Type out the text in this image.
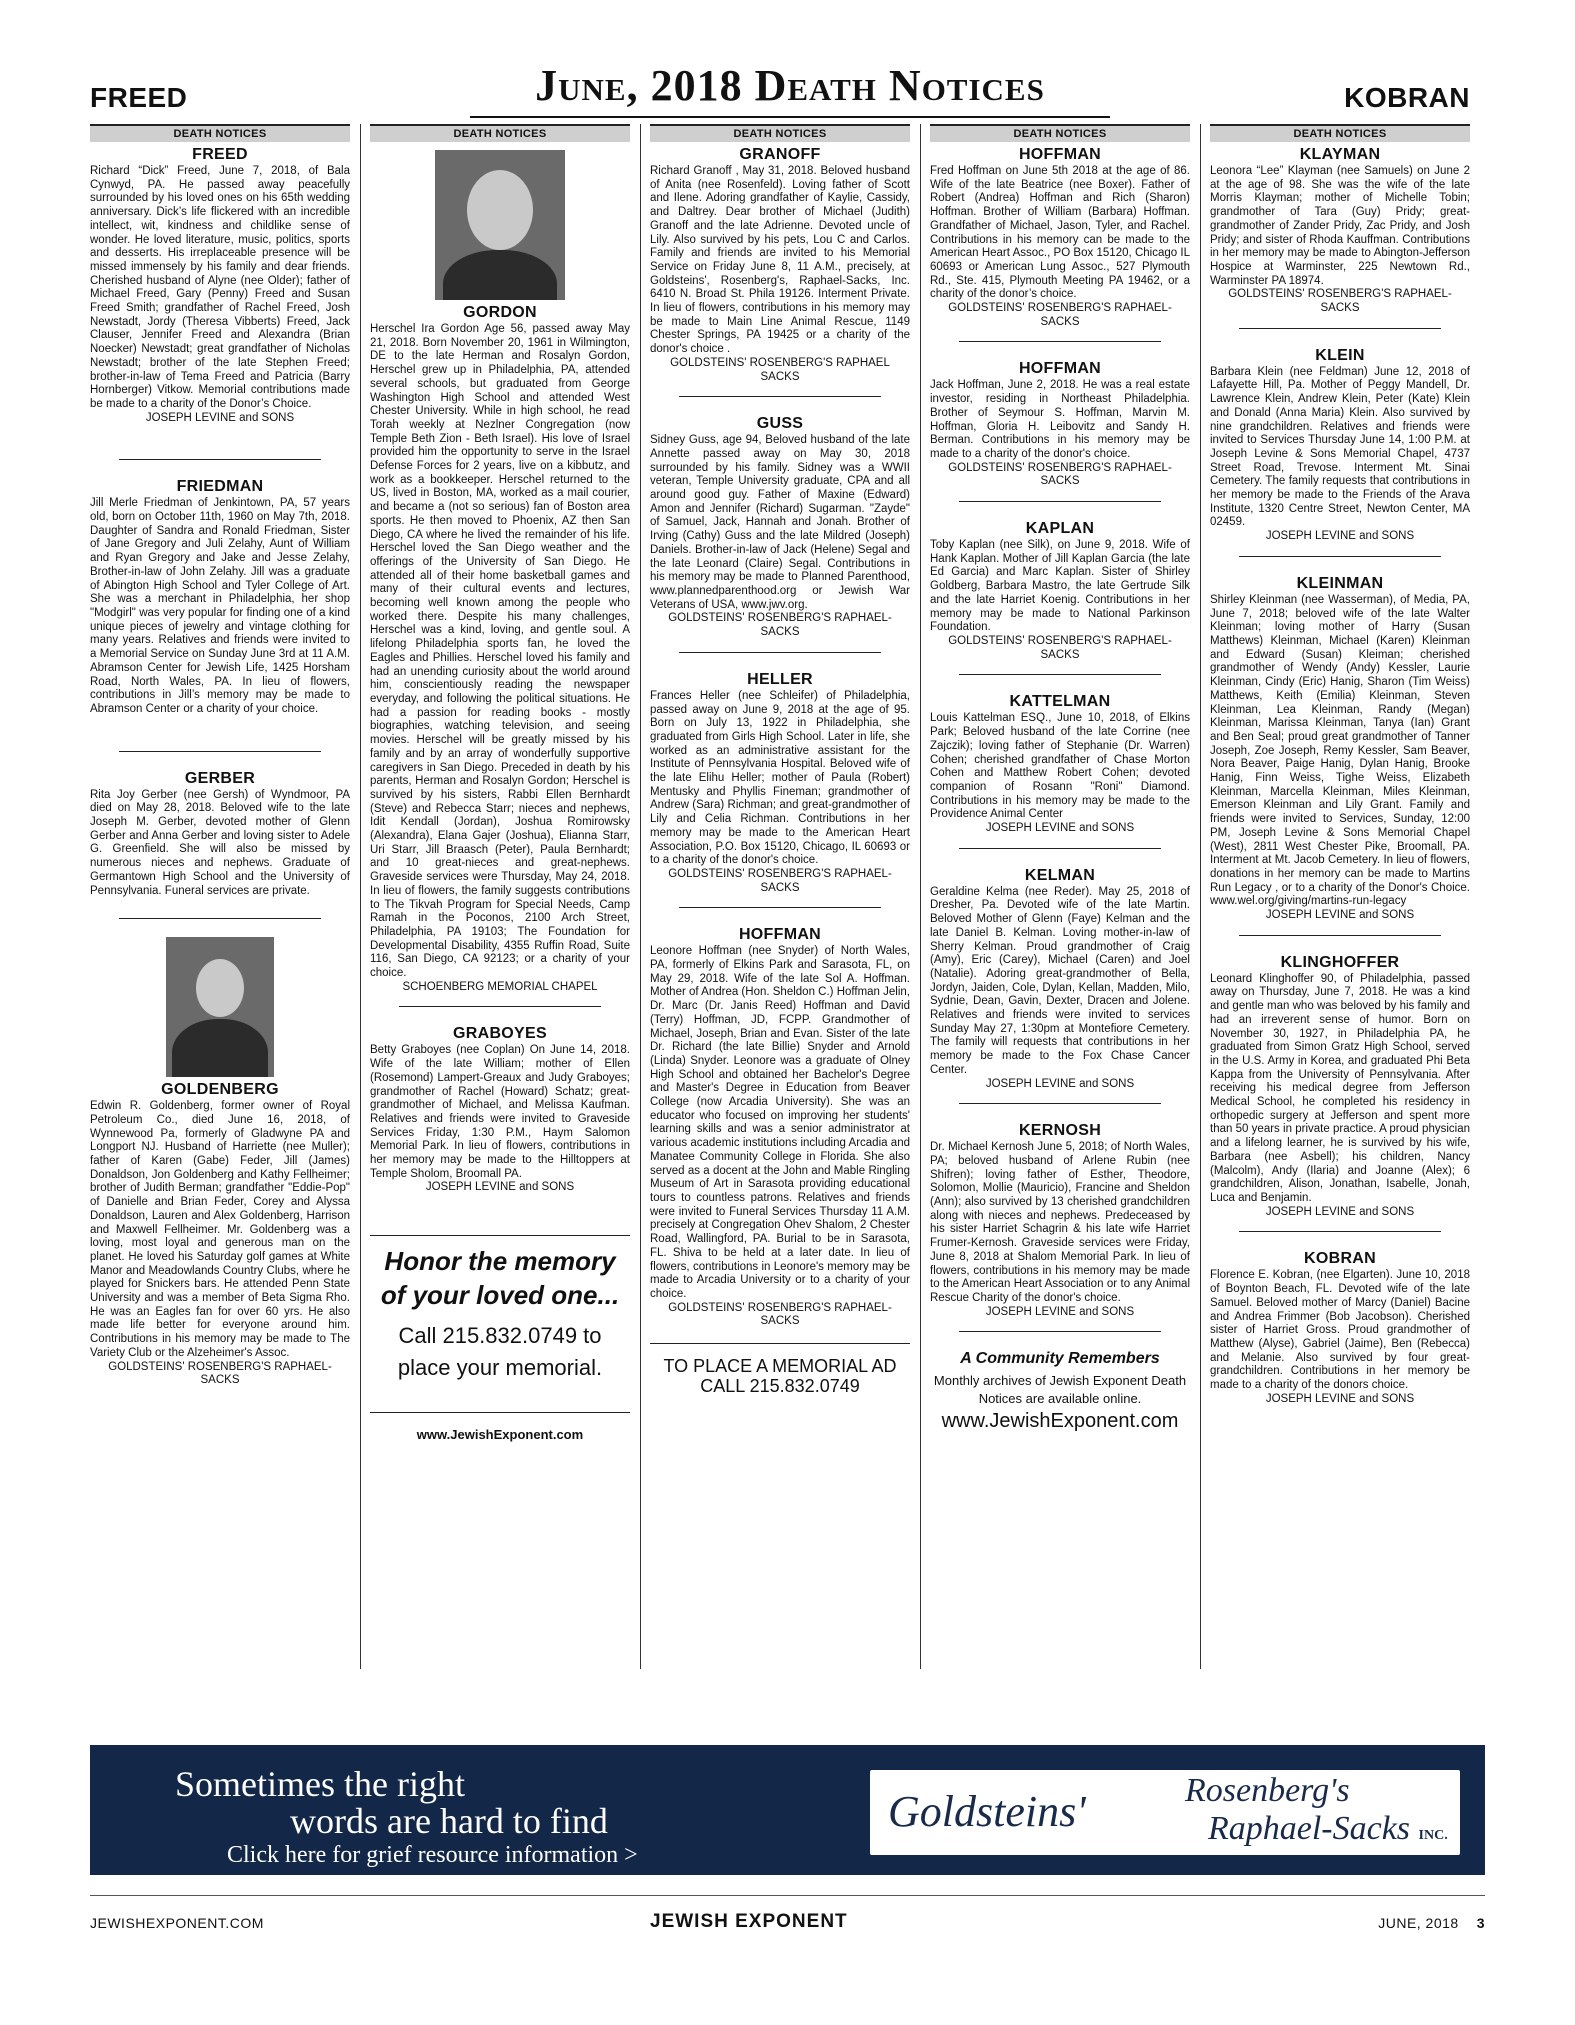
FREED	June, 2018 Death Notices	KOBRAN
DEATH NOTICES
FREED
Richard “Dick” Freed, June 7, 2018, of Bala Cynwyd, PA. He passed away peacefully surrounded by his loved ones on his 65th wedding anniversary. Dick’s life flickered with an incredible intellect, wit, kindness and childlike sense of wonder. He loved literature, music, politics, sports and desserts. His irreplaceable presence will be missed immensely by his family and dear friends. Cherished husband of Alyne (nee Older); father of Michael Freed, Gary (Penny) Freed and Susan Freed Smith; grandfather of Rachel Freed, Josh Newstadt, Jordy (Theresa Vibberts) Freed, Jack Clauser, Jennifer Freed and Alexandra (Brian Noecker) Newstadt; great grandfather of Nicholas Newstadt; brother of the late Stephen Freed; brother-in-law of Tema Freed and Patricia (Barry Hornberger) Vitkow. Memorial contributions made be made to a charity of the Donor’s Choice.
JOSEPH LEVINE and SONS
FRIEDMAN
Jill Merle Friedman of Jenkintown, PA, 57 years old, born on October 11th, 1960 on May 7th, 2018. Daughter of Sandra and Ronald Friedman, Sister of Jane Gregory and Juli Zelahy, Aunt of William and Ryan Gregory and Jake and Jesse Zelahy, Brother-in-law of John Zelahy. Jill was a graduate of Abington High School and Tyler College of Art. She was a merchant in Philadelphia, her shop "Modgirl" was very popular for finding one of a kind unique pieces of jewelry and vintage clothing for many years. Relatives and friends were invited to a Memorial Service on Sunday June 3rd at 11 A.M. Abramson Center for Jewish Life, 1425 Horsham Road, North Wales, PA. In lieu of flowers, contributions in Jill’s memory may be made to Abramson Center or a charity of your choice.
GERBER
Rita Joy Gerber (nee Gersh) of Wyndmoor, PA died on May 28, 2018. Beloved wife to the late Joseph M. Gerber, devoted mother of Glenn Gerber and Anna Gerber and loving sister to Adele G. Greenfield. She will also be missed by numerous nieces and nephews. Graduate of Germantown High School and the University of Pennsylvania. Funeral services are private.
GOLDENBERG
Edwin R. Goldenberg, former owner of Royal Petroleum Co., died June 16, 2018, of Wynnewood Pa, formerly of Gladwyne PA and Longport NJ. Husband of Harriette (nee Muller); father of Karen (Gabe) Feder, Jill (James) Donaldson, Jon Goldenberg and Kathy Fellheimer; brother of Judith Berman; grandfather "Eddie-Pop" of Danielle and Brian Feder, Corey and Alyssa Donaldson, Lauren and Alex Goldenberg, Harrison and Maxwell Fellheimer. Mr. Goldenberg was a loving, most loyal and generous man on the planet. He loved his Saturday golf games at White Manor and Meadowlands Country Clubs, where he played for Snickers bars. He attended Penn State University and was a member of Beta Sigma Rho. He was an Eagles fan for over 60 yrs. He also made life better for everyone around him. Contributions in his memory may be made to The Variety Club or the Alzeheimer's Assoc.
GOLDSTEINS' ROSENBERG'S RAPHAEL-SACKS
DEATH NOTICES
GORDON
Herschel Ira Gordon Age 56, passed away May 21, 2018. Born November 20, 1961 in Wilmington, DE to the late Herman and Rosalyn Gordon, Herschel grew up in Philadelphia, PA, attended several schools, but graduated from George Washington High School and attended West Chester University. While in high school, he read Torah weekly at Nezlner Congregation (now Temple Beth Zion - Beth Israel). His love of Israel provided him the opportunity to serve in the Israel Defense Forces for 2 years, live on a kibbutz, and work as a bookkeeper. Herschel returned to the US, lived in Boston, MA, worked as a mail courier, and became a (not so serious) fan of Boston area sports. He then moved to Phoenix, AZ then San Diego, CA where he lived the remainder of his life. Herschel loved the San Diego weather and the offerings of the University of San Diego. He attended all of their home basketball games and many of their cultural events and lectures, becoming well known among the people who worked there. Despite his many challenges, Herschel was a kind, loving, and gentle soul. A lifelong Philadelphia sports fan, he loved the Eagles and Phillies. Herschel loved his family and had an unending curiosity about the world around him, conscientiously reading the newspaper everyday, and following the political situations. He had a passion for reading books - mostly biographies, watching television, and seeing movies. Herschel will be greatly missed by his family and by an array of wonderfully supportive caregivers in San Diego. Preceded in death by his parents, Herman and Rosalyn Gordon; Herschel is survived by his sisters, Rabbi Ellen Bernhardt (Steve) and Rebecca Starr; nieces and nephews, Idit Kendall (Jordan), Joshua Romirowsky (Alexandra), Elana Gajer (Joshua), Elianna Starr, Uri Starr, Jill Braasch (Peter), Paula Bernhardt; and 10 great-nieces and great-nephews. Graveside services were Thursday, May 24, 2018. In lieu of flowers, the family suggests contributions to The Tikvah Program for Special Needs, Camp Ramah in the Poconos, 2100 Arch Street, Philadelphia, PA 19103; The Foundation for Developmental Disability, 4355 Ruffin Road, Suite 116, San Diego, CA 92123; or a charity of your choice.
SCHOENBERG MEMORIAL CHAPEL
GRABOYES
Betty Graboyes (nee Coplan) On June 14, 2018. Wife of the late William; mother of Ellen (Rosemond) Lampert-Greaux and Judy Graboyes; grandmother of Rachel (Howard) Schatz; great-grandmother of Michael, and Melissa Kaufman. Relatives and friends were invited to Graveside Services Friday, 1:30 P.M., Haym Salomon Memorial Park. In lieu of flowers, contributions in her memory may be made to the Hilltoppers at Temple Sholom, Broomall PA.
JOSEPH LEVINE and SONS
Honor the memory of your loved one...
Call 215.832.0749 to place your memorial.
www.JewishExponent.com
DEATH NOTICES
GRANOFF
Richard Granoff , May 31, 2018. Beloved husband of Anita (nee Rosenfeld). Loving father of Scott and Ilene. Adoring grandfather of Kaylie, Cassidy, and Daltrey. Dear brother of Michael (Judith) Granoff and the late Adrienne. Devoted uncle of Lily. Also survived by his pets, Lou C and Carlos. Family and friends are invited to his Memorial Service on Friday June 8, 11 A.M., precisely, at Goldsteins', Rosenberg's, Raphael-Sacks, Inc. 6410 N. Broad St. Phila 19126. Interment Private. In lieu of flowers, contributions in his memory may be made to Main Line Animal Rescue, 1149 Chester Springs, PA 19425 or a charity of the donor's choice .
GOLDSTEINS' ROSENBERG'S RAPHAEL SACKS
GUSS
Sidney Guss, age 94, Beloved husband of the late Annette passed away on May 30, 2018 surrounded by his family. Sidney was a WWII veteran, Temple University graduate, CPA and all around good guy. Father of Maxine (Edward) Amon and Jennifer (Richard) Sugarman. "Zayde" of Samuel, Jack, Hannah and Jonah. Brother of Irving (Cathy) Guss and the late Mildred (Joseph) Daniels. Brother-in-law of Jack (Helene) Segal and the late Leonard (Claire) Segal. Contributions in his memory may be made to Planned Parenthood, www.plannedparenthood.org or Jewish War Veterans of USA, www.jwv.org.
GOLDSTEINS' ROSENBERG'S RAPHAEL-SACKS
HELLER
Frances Heller (nee Schleifer) of Philadelphia, passed away on June 9, 2018 at the age of 95. Born on July 13, 1922 in Philadelphia, she graduated from Girls High School. Later in life, she worked as an administrative assistant for the Institute of Pennsylvania Hospital. Beloved wife of the late Elihu Heller; mother of Paula (Robert) Mentusky and Phyllis Fineman; grandmother of Andrew (Sara) Richman; and great-grandmother of Lily and Celia Richman. Contributions in her memory may be made to the American Heart Association, P.O. Box 15120, Chicago, IL 60693 or to a charity of the donor's choice.
GOLDSTEINS' ROSENBERG'S RAPHAEL-SACKS
HOFFMAN
Leonore Hoffman (nee Snyder) of North Wales, PA, formerly of Elkins Park and Sarasota, FL, on May 29, 2018. Wife of the late Sol A. Hoffman. Mother of Andrea (Hon. Sheldon C.) Hoffman Jelin, Dr. Marc (Dr. Janis Reed) Hoffman and David (Terry) Hoffman, JD, FCPP. Grandmother of Michael, Joseph, Brian and Evan. Sister of the late Dr. Richard (the late Billie) Snyder and Arnold (Linda) Snyder. Leonore was a graduate of Olney High School and obtained her Bachelor's Degree and Master's Degree in Education from Beaver College (now Arcadia University). She was an educator who focused on improving her students' learning skills and was a senior administrator at various academic institutions including Arcadia and Manatee Community College in Florida. She also served as a docent at the John and Mable Ringling Museum of Art in Sarasota providing educational tours to countless patrons. Relatives and friends were invited to Funeral Services Thursday 11 A.M. precisely at Congregation Ohev Shalom, 2 Chester Road, Wallingford, PA. Burial to be in Sarasota, FL. Shiva to be held at a later date. In lieu of flowers, contributions in Leonore's memory may be made to Arcadia University or to a charity of your choice.
GOLDSTEINS' ROSENBERG'S RAPHAEL-SACKS
TO PLACE A MEMORIAL AD CALL 215.832.0749
DEATH NOTICES
HOFFMAN
Fred Hoffman on June 5th 2018 at the age of 86. Wife of the late Beatrice (nee Boxer). Father of Robert (Andrea) Hoffman and Rich (Sharon) Hoffman. Brother of William (Barbara) Hoffman. Grandfather of Michael, Jason, Tyler, and Rachel. Contributions in his memory can be made to the American Heart Assoc., PO Box 15120, Chicago IL 60693 or American Lung Assoc., 527 Plymouth Rd., Ste. 415, Plymouth Meeting PA 19462, or a charity of the donor’s choice.
GOLDSTEINS' ROSENBERG'S RAPHAEL-SACKS
HOFFMAN
Jack Hoffman, June 2, 2018. He was a real estate investor, residing in Northeast Philadelphia. Brother of Seymour S. Hoffman, Marvin M. Hoffman, Gloria H. Leibovitz and Sandy H. Berman. Contributions in his memory may be made to a charity of the donor's choice.
GOLDSTEINS' ROSENBERG'S RAPHAEL-SACKS
KAPLAN
Toby Kaplan (nee Silk), on June 9, 2018. Wife of Hank Kaplan. Mother of Jill Kaplan Garcia (the late Ed Garcia) and Marc Kaplan. Sister of Shirley Goldberg, Barbara Mastro, the late Gertrude Silk and the late Harriet Koenig. Contributions in her memory may be made to National Parkinson Foundation.
GOLDSTEINS' ROSENBERG'S RAPHAEL-SACKS
KATTELMAN
Louis Kattelman ESQ., June 10, 2018, of Elkins Park; Beloved husband of the late Corrine (nee Zajczik); loving father of Stephanie (Dr. Warren) Cohen; cherished grandfather of Chase Morton Cohen and Matthew Robert Cohen; devoted companion of Rosann "Roni" Diamond. Contributions in his memory may be made to the Providence Animal Center
JOSEPH LEVINE and SONS
KELMAN
Geraldine Kelma (nee Reder). May 25, 2018 of Dresher, Pa. Devoted wife of the late Martin. Beloved Mother of Glenn (Faye) Kelman and the late Daniel B. Kelman. Loving mother-in-law of Sherry Kelman. Proud grandmother of Craig (Amy), Eric (Carey), Michael (Caren) and Joel (Natalie). Adoring great-grandmother of Bella, Jordyn, Jaiden, Cole, Dylan, Kellan, Madden, Milo, Sydnie, Dean, Gavin, Dexter, Dracen and Jolene. Relatives and friends were invited to services Sunday May 27, 1:30pm at Montefiore Cemetery. The family will requests that contributions in her memory be made to the Fox Chase Cancer Center.
JOSEPH LEVINE and SONS
KERNOSH
Dr. Michael Kernosh June 5, 2018; of North Wales, PA; beloved husband of Arlene Rubin (nee Shifren); loving father of Esther, Theodore, Solomon, Mollie (Mauricio), Francine and Sheldon (Ann); also survived by 13 cherished grandchildren along with nieces and nephews. Predeceased by his sister Harriet Schagrin & his late wife Harriet Frumer-Kernosh. Graveside services were Friday, June 8, 2018 at Shalom Memorial Park. In lieu of flowers, contributions in his memory may be made to the American Heart Association or to any Animal Rescue Charity of the donor's choice.
JOSEPH LEVINE and SONS
A Community Remembers
Monthly archives of Jewish Exponent Death Notices are available online.
www.JewishExponent.com
DEATH NOTICES
KLAYMAN
Leonora “Lee” Klayman (nee Samuels) on June 2 at the age of 98. She was the wife of the late Morris Klayman; mother of Michelle Tobin; grandmother of Tara (Guy) Pridy; great-grandmother of Zander Pridy, Zac Pridy, and Josh Pridy; and sister of Rhoda Kauffman. Contributions in her memory may be made to Abington-Jefferson Hospice at Warminster, 225 Newtown Rd., Warminster PA 18974.
GOLDSTEINS' ROSENBERG'S RAPHAEL-SACKS
KLEIN
Barbara Klein (nee Feldman) June 12, 2018 of Lafayette Hill, Pa. Mother of Peggy Mandell, Dr. Lawrence Klein, Andrew Klein, Peter (Kate) Klein and Donald (Anna Maria) Klein. Also survived by nine grandchildren. Relatives and friends were invited to Services Thursday June 14, 1:00 P.M. at Joseph Levine & Sons Memorial Chapel, 4737 Street Road, Trevose. Interment Mt. Sinai Cemetery. The family requests that contributions in her memory be made to the Friends of the Arava Institute, 1320 Centre Street, Newton Center, MA 02459.
JOSEPH LEVINE and SONS
KLEINMAN
Shirley Kleinman (nee Wasserman), of Media, PA, June 7, 2018; beloved wife of the late Walter Kleinman; loving mother of Harry (Susan Matthews) Kleinman, Michael (Karen) Kleinman and Edward (Susan) Kleiman; cherished grandmother of Wendy (Andy) Kessler, Laurie Kleinman, Cindy (Eric) Hanig, Sharon (Tim Weiss) Matthews, Keith (Emilia) Kleinman, Steven Kleinman, Lea Kleinman, Randy (Megan) Kleinman, Marissa Kleinman, Tanya (Ian) Grant and Ben Seal; proud great grandmother of Tanner Joseph, Zoe Joseph, Remy Kessler, Sam Beaver, Nora Beaver, Paige Hanig, Dylan Hanig, Brooke Hanig, Finn Weiss, Tighe Weiss, Elizabeth Kleinman, Marcella Kleinman, Miles Kleinman, Emerson Kleinman and Lily Grant. Family and friends were invited to Services, Sunday, 12:00 PM, Joseph Levine & Sons Memorial Chapel (West), 2811 West Chester Pike, Broomall, PA. Interment at Mt. Jacob Cemetery. In lieu of flowers, donations in her memory can be made to Martins Run Legacy , or to a charity of the Donor's Choice. www.wel.org/giving/martins-run-legacy
JOSEPH LEVINE and SONS
KLINGHOFFER
Leonard Klinghoffer 90, of Philadelphia, passed away on Thursday, June 7, 2018. He was a kind and gentle man who was beloved by his family and had an irreverent sense of humor. Born on November 30, 1927, in Philadelphia PA, he graduated from Simon Gratz High School, served in the U.S. Army in Korea, and graduated Phi Beta Kappa from the University of Pennsylvania. After receiving his medical degree from Jefferson Medical School, he completed his residency in orthopedic surgery at Jefferson and spent more than 50 years in private practice. A proud physician and a lifelong learner, he is survived by his wife, Barbara (nee Asbell); his children, Nancy (Malcolm), Andy (Ilaria) and Joanne (Alex); 6 grandchildren, Alison, Jonathan, Isabelle, Jonah, Luca and Benjamin.
JOSEPH LEVINE and SONS
KOBRAN
Florence E. Kobran, (nee Elgarten). June 10, 2018 of Boynton Beach, FL. Devoted wife of the late Samuel. Beloved mother of Marcy (Daniel) Bacine and Andrea Frimmer (Bob Jacobson). Cherished sister of Harriet Gross. Proud grandmother of Matthew (Alyse), Gabriel (Jaime), Ben (Rebecca) and Melanie. Also survived by four great-grandchildren. Contributions in her memory be made to a charity of the donors choice.
JOSEPH LEVINE and SONS
Sometimes the right
words are hard to find
Click here for grief resource information >
Goldsteins'	Rosenberg's
Raphael-Sacks INC.
JEWISHEXPONENT.COM	JEWISH EXPONENT	JUNE, 2018 3
